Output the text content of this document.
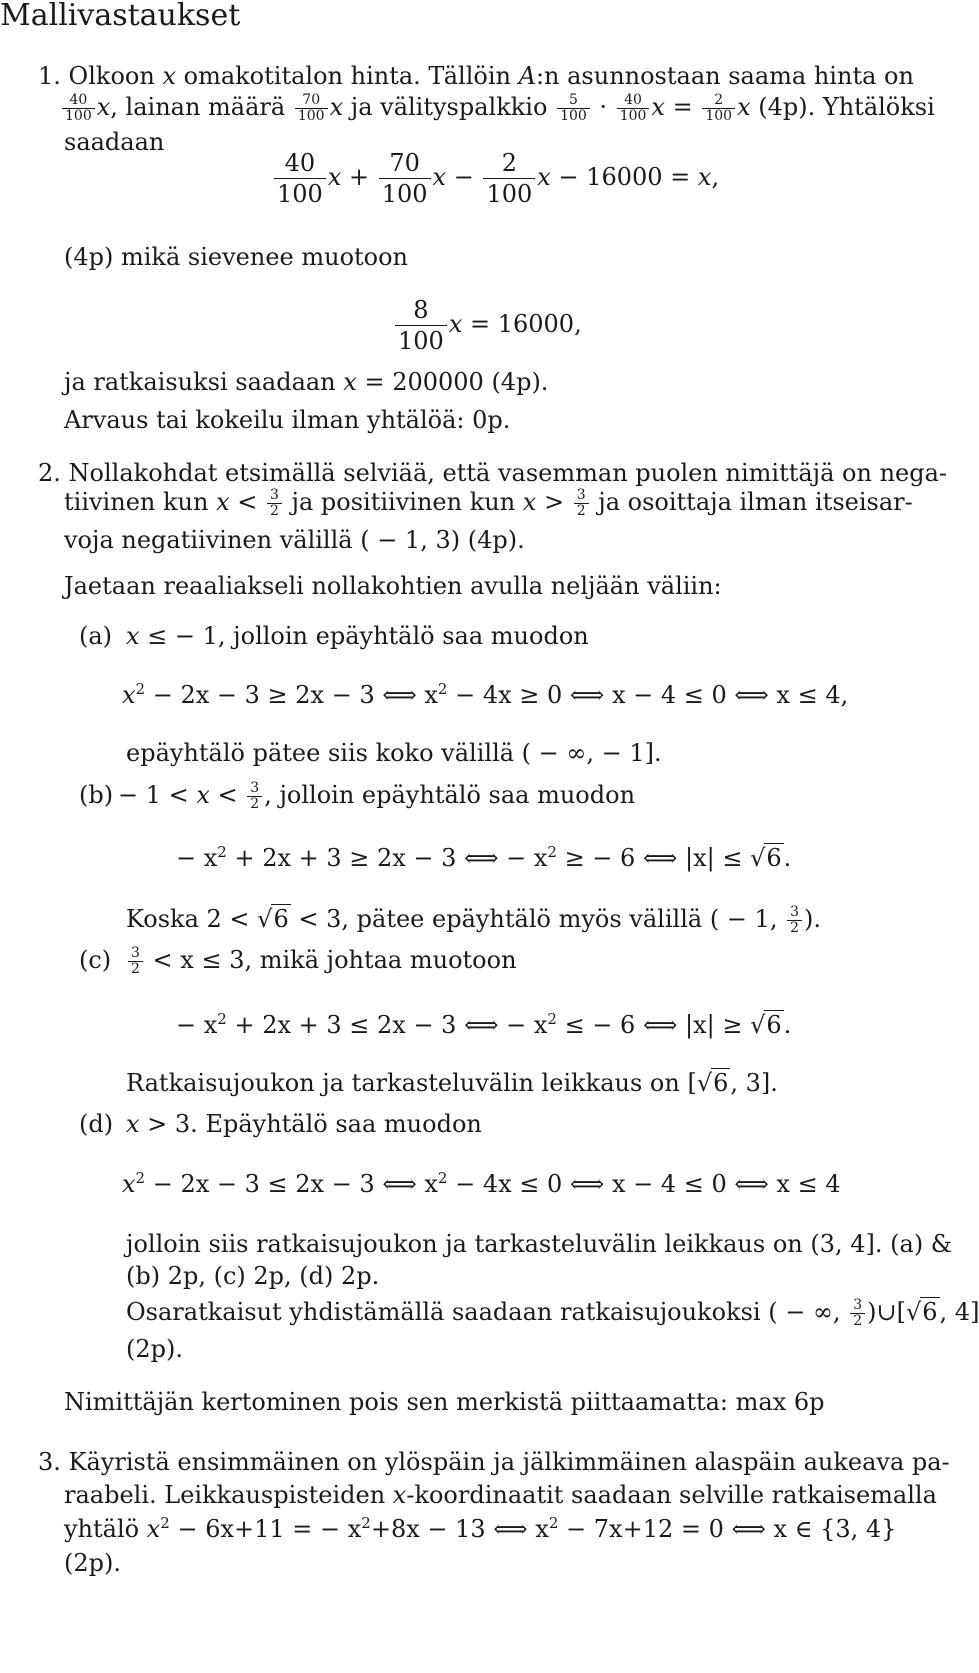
Mallivastaukset
1. Olkoon x omakotitalon hinta. Tällöin A:n asunnostaan saama hinta on
$\frac{40}{100} x$, lainan määrä $\frac{70}{100}$ x ja välityspalkkio $\frac{5}{100} \cdot \frac{40}{100}$ $x = \frac{2}{100}$ x (4p). Yhtälöksi
saadaan
$\frac{40}{100}$ $x + \frac{70}{100}$ $x - \frac{2}{100}$ x − 16000 = x,
(4p) mikä sievenee muotoon
$\frac{8}{100}$ x = 16000,
ja ratkaisuksi saadaan x = 200000 (4p).
Arvaus tai kokeilu ilman yhtälöä: 0p.
2. Nollakohdat etsimällä selviää, että vasemman puolen nimittäjä on nega-
tiivinen kun $x < \frac{3}{2}$ ja positiivinen kun $x > \frac{3}{2}$ ja osoittaja ilman itseisar-
voja negatiivinen välillä ( − 1, 3) (4p).
Jaetaan reaaliakseli nollakohtien avulla neljään väliin:
(a) x ≤ − 1, jolloin epäyhtälö saa muodon
$x^2 - 2x - 3 \ge 2x - 3$ ⟺ $x^2 - 4x \ge 0$ ⟺ x − 4 ≤ 0 ⟺ x ≤ 4,
epäyhtälö pätee siis koko välillä ( − ∞, − 1].
$(b) - 1 < x < \frac{3}{2}$ , jolloin epäyhtälö saa muodon
− $x^2 + 2x + 3 \ge 2x - 3$ ⟺ − $x^2$ ≥ − 6 ⟺ |x| ≤ √6.
Koska 2 < √6 < 3, pätee epäyhtälö myös välillä ( − 1, $\frac{3}{2}$ ).
$(c) \frac{3}{2} < x \le 3$, mikä johtaa muotoon
− $x^2 + 2x + 3 \le 2x - 3$ ⟺ − $x^2$ ≤ − 6 ⟺ |x| ≥ √6.
Ratkaisujoukon ja tarkasteluvälin leikkaus on [√6, 3].
(d) x > 3. Epäyhtälö saa muodon
$x^2 - 2x - 3 \le 2x - 3$ ⟺ $x^2 - 4x \le 0$ ⟺ x − 4 ≤ 0 ⟺ x ≤ 4
jolloin siis ratkaisujoukon ja tarkasteluvälin leikkaus on (3, 4]. (a) &
(b) 2p, (c) 2p, (d) 2p.
Osaratkaisut yhdistämällä saadaan ratkaisujoukoksi ( − ∞, $\frac{3}{2}$ )∪[√6, 4]
(2p).
Nimittäjän kertominen pois sen merkistä piittaamatta: max 6p
3. Käyristä ensimmäinen on ylöspäin ja jälkimmäinen alaspäin aukeava pa-
raabeli. Leikkauspisteiden x-koordinaatit saadaan selville ratkaisemalla
yhtälö $x^2 - 6x+11$ = − $x^2+8x - 13$ ⟺ $x^2 - 7x+12 = 0$ ⟺ x ∈ {3, 4}
(2p).
